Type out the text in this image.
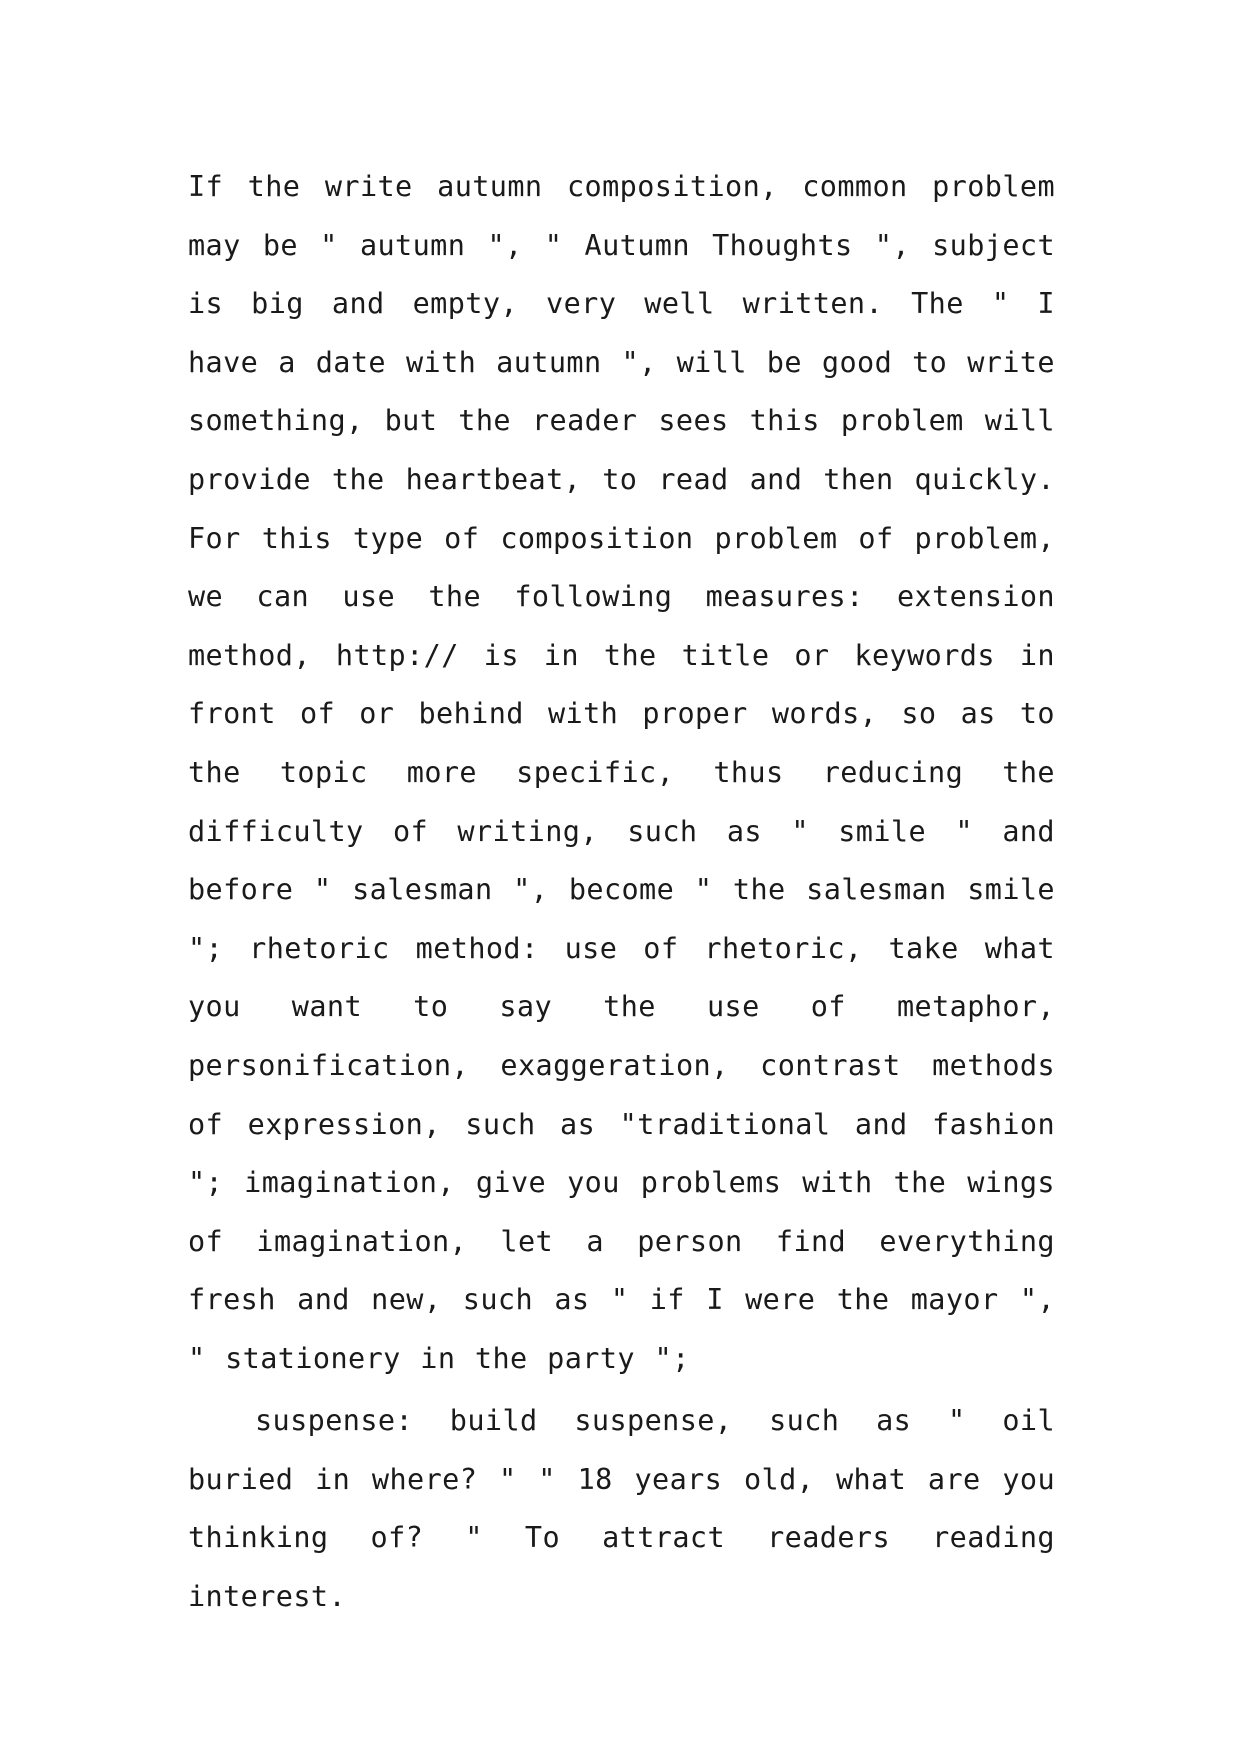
If the write autumn composition, common problem may be " autumn ", " Autumn Thoughts ", subject is big and empty, very well written. The " I have a date with autumn ", will be good to write something, but the reader sees this problem will provide the heartbeat, to read and then quickly. For this type of composition problem of problem, we can use the following measures: extension method, http:// is in the title or keywords in front of or behind with proper words, so as to the topic more specific, thus reducing the difficulty of writing, such as " smile " and before " salesman ", become " the salesman smile "; rhetoric method: use of rhetoric, take what you want to say the use of metaphor, personification, exaggeration, contrast methods of expression, such as "traditional and fashion "; imagination, give you problems with the wings of imagination, let a person find everything fresh and new, such as " if I were the mayor ", " stationery in the party ";

suspense: build suspense, such as " oil buried in where? " " 18 years old, what are you thinking of? " To attract readers reading interest.
